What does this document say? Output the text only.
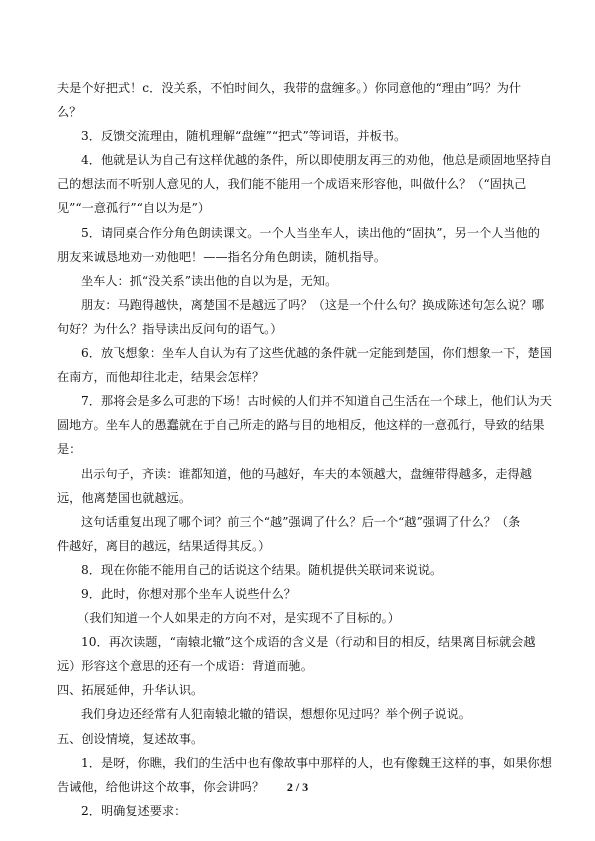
夫是个好把式！c．没关系，不怕时间久，我带的盘缠多。）你同意他的“理由”吗？为什
么？
3．反馈交流理由，随机理解“盘缠”“把式”等词语，并板书。
4．他就是认为自己有这样优越的条件，所以即使朋友再三的劝他，他总是顽固地坚持自
己的想法而不听别人意见的人，我们能不能用一个成语来形容他，叫做什么？（“固执己
见”“一意孤行”“自以为是”）
5．请同桌合作分角色朗读课文。一个人当坐车人，读出他的“固执”，另一个人当他的
朋友来诚恳地劝一劝他吧！——指名分角色朗读，随机指导。
坐车人：抓“没关系”读出他的自以为是，无知。
朋友：马跑得越快，离楚国不是越远了吗？（这是一个什么句？换成陈述句怎么说？哪
句好？为什么？指导读出反问句的语气。）
6．放飞想象：坐车人自认为有了这些优越的条件就一定能到楚国，你们想象一下，楚国
在南方，而他却往北走，结果会怎样？
7．那将会是多么可悲的下场！古时候的人们并不知道自己生活在一个球上，他们认为天
圆地方。坐车人的愚蠢就在于自己所走的路与目的地相反，他这样的一意孤行，导致的结果
是：
出示句子，齐读：谁都知道，他的马越好，车夫的本领越大，盘缠带得越多，走得越
远，他离楚国也就越远。
这句话重复出现了哪个词？前三个“越”强调了什么？后一个“越”强调了什么？（条
件越好，离目的越远，结果适得其反。）
8．现在你能不能用自己的话说这个结果。随机提供关联词来说说。
9．此时，你想对那个坐车人说些什么？
（我们知道一个人如果走的方向不对，是实现不了目标的。）
10．再次读题，“南辕北辙”这个成语的含义是（行动和目的相反，结果离目标就会越
远）形容这个意思的还有一个成语：背道而驰。
四、拓展延伸，升华认识。
我们身边还经常有人犯南辕北辙的错误，想想你见过吗？举个例子说说。
五、创设情境，复述故事。
1．是呀，你瞧，我们的生活中也有像故事中那样的人，也有像魏王这样的事，如果你想
告诫他，给他讲这个故事，你会讲吗？
2．明确复述要求：
2 / 3
